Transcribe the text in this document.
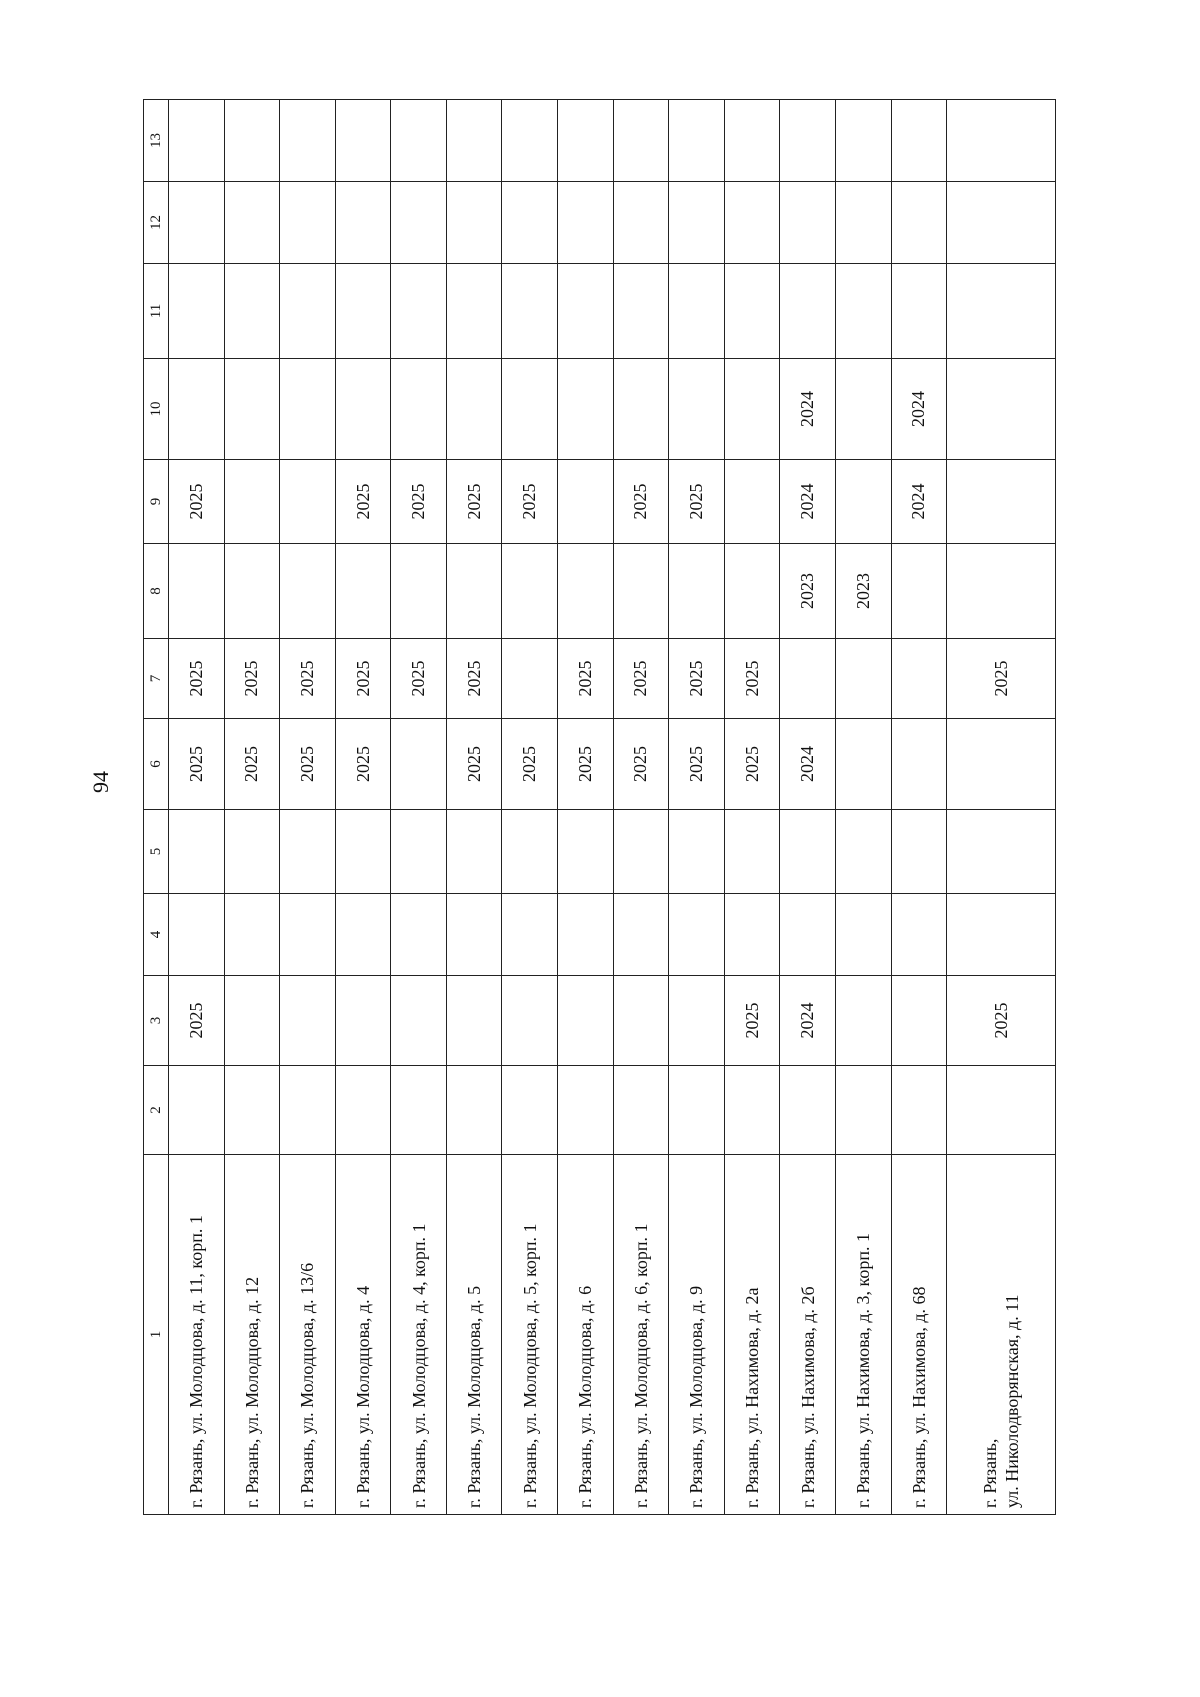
94
1	2	3	4	5	6	7	8	9	10	11	12	13
г. Рязань, ул. Молодцова, д. 11, корп. 1		2025			2025	2025		2025				
г. Рязань, ул. Молодцова, д. 12					2025	2025						
г. Рязань, ул. Молодцова, д. 13/6					2025	2025						
г. Рязань, ул. Молодцова, д. 4					2025	2025		2025				
г. Рязань, ул. Молодцова, д. 4, корп. 1						2025		2025				
г. Рязань, ул. Молодцова, д. 5					2025	2025		2025				
г. Рязань, ул. Молодцова, д. 5, корп. 1					2025			2025				
г. Рязань, ул. Молодцова, д. 6					2025	2025						
г. Рязань, ул. Молодцова, д. 6, корп. 1					2025	2025		2025				
г. Рязань, ул. Молодцова, д. 9					2025	2025		2025				
г. Рязань, ул. Нахимова, д. 2а		2025			2025	2025						
г. Рязань, ул. Нахимова, д. 2б		2024			2024		2023	2024	2024			
г. Рязань, ул. Нахимова, д. 3, корп. 1							2023					
г. Рязань, ул. Нахимова, д. 68								2024	2024			
г. Рязань,
ул. Николодворянская, д. 11		2025				2025						
